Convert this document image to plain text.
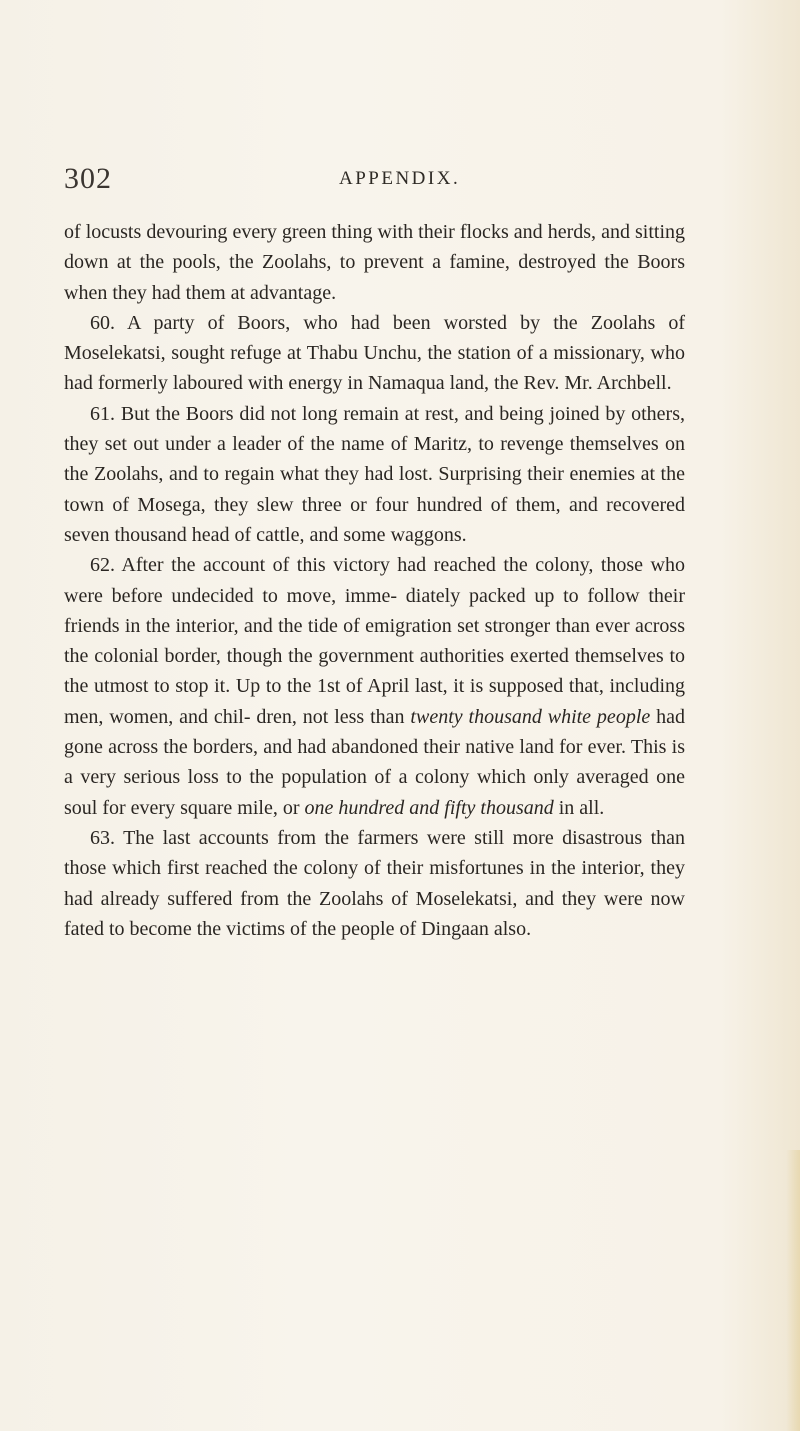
302	APPENDIX.

of locusts devouring every green thing with their flocks and herds, and sitting down at the pools, the Zoolahs, to prevent a famine, destroyed the Boors when they had them at advantage.

60. A party of Boors, who had been worsted by the Zoolahs of Moselekatsi, sought refuge at Thabu Unchu, the station of a missionary, who had formerly laboured with energy in Namaqua land, the Rev. Mr. Archbell.

61. But the Boors did not long remain at rest, and being joined by others, they set out under a leader of the name of Maritz, to revenge themselves on the Zoolahs, and to regain what they had lost. Surprising their enemies at the town of Mosega, they slew three or four hundred of them, and recovered seven thousand head of cattle, and some waggons.

62. After the account of this victory had reached the colony, those who were before undecided to move, imme- diately packed up to follow their friends in the interior, and the tide of emigration set stronger than ever across the colonial border, though the government authorities exerted themselves to the utmost to stop it. Up to the 1st of April last, it is supposed that, including men, women, and chil- dren, not less than twenty thousand white people had gone across the borders, and had abandoned their native land for ever. This is a very serious loss to the population of a colony which only averaged one soul for every square mile, or one hundred and fifty thousand in all.

63. The last accounts from the farmers were still more disastrous than those which first reached the colony of their misfortunes in the interior, they had already suffered from the Zoolahs of Moselekatsi, and they were now fated to become the victims of the people of Dingaan also.
